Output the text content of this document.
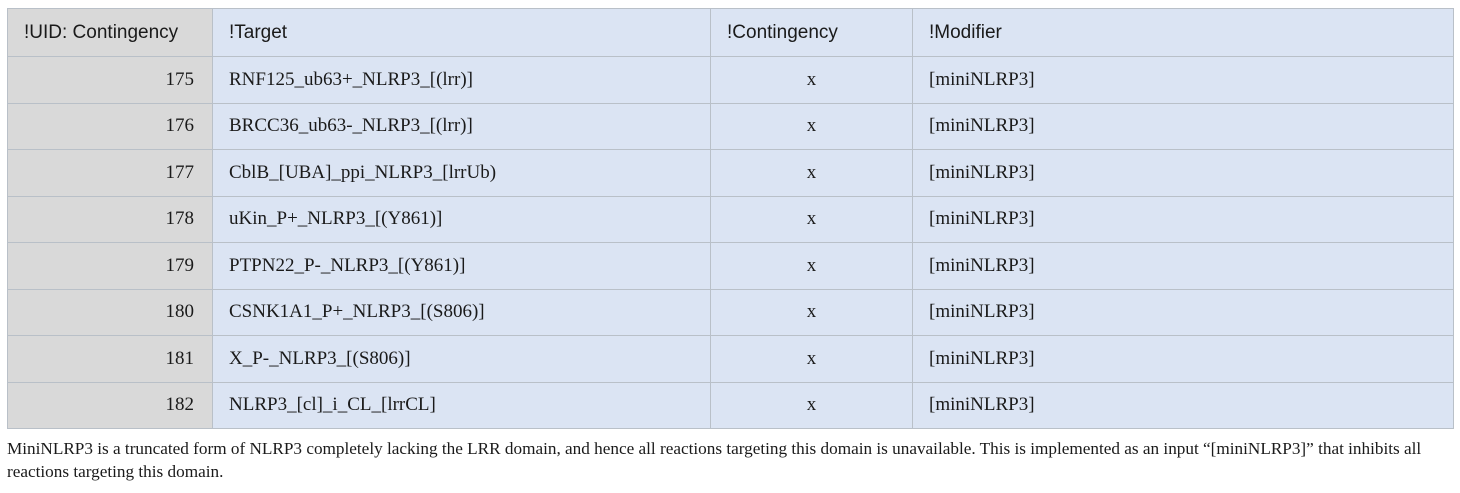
!UID: Contingency	!Target	!Contingency	!Modifier
175	RNF125_ub63+_NLRP3_[(lrr)]	x	[miniNLRP3]
176	BRCC36_ub63-_NLRP3_[(lrr)]	x	[miniNLRP3]
177	CblB_[UBA]_ppi_NLRP3_[lrrUb)	x	[miniNLRP3]
178	uKin_P+_NLRP3_[(Y861)]	x	[miniNLRP3]
179	PTPN22_P-_NLRP3_[(Y861)]	x	[miniNLRP3]
180	CSNK1A1_P+_NLRP3_[(S806)]	x	[miniNLRP3]
181	X_P-_NLRP3_[(S806)]	x	[miniNLRP3]
182	NLRP3_[cl]_i_CL_[lrrCL]	x	[miniNLRP3]

MiniNLRP3 is a truncated form of NLRP3 completely lacking the LRR domain, and hence all reactions targeting this domain is unavailable. This is implemented as an input “[miniNLRP3]” that inhibits all reactions targeting this domain.
